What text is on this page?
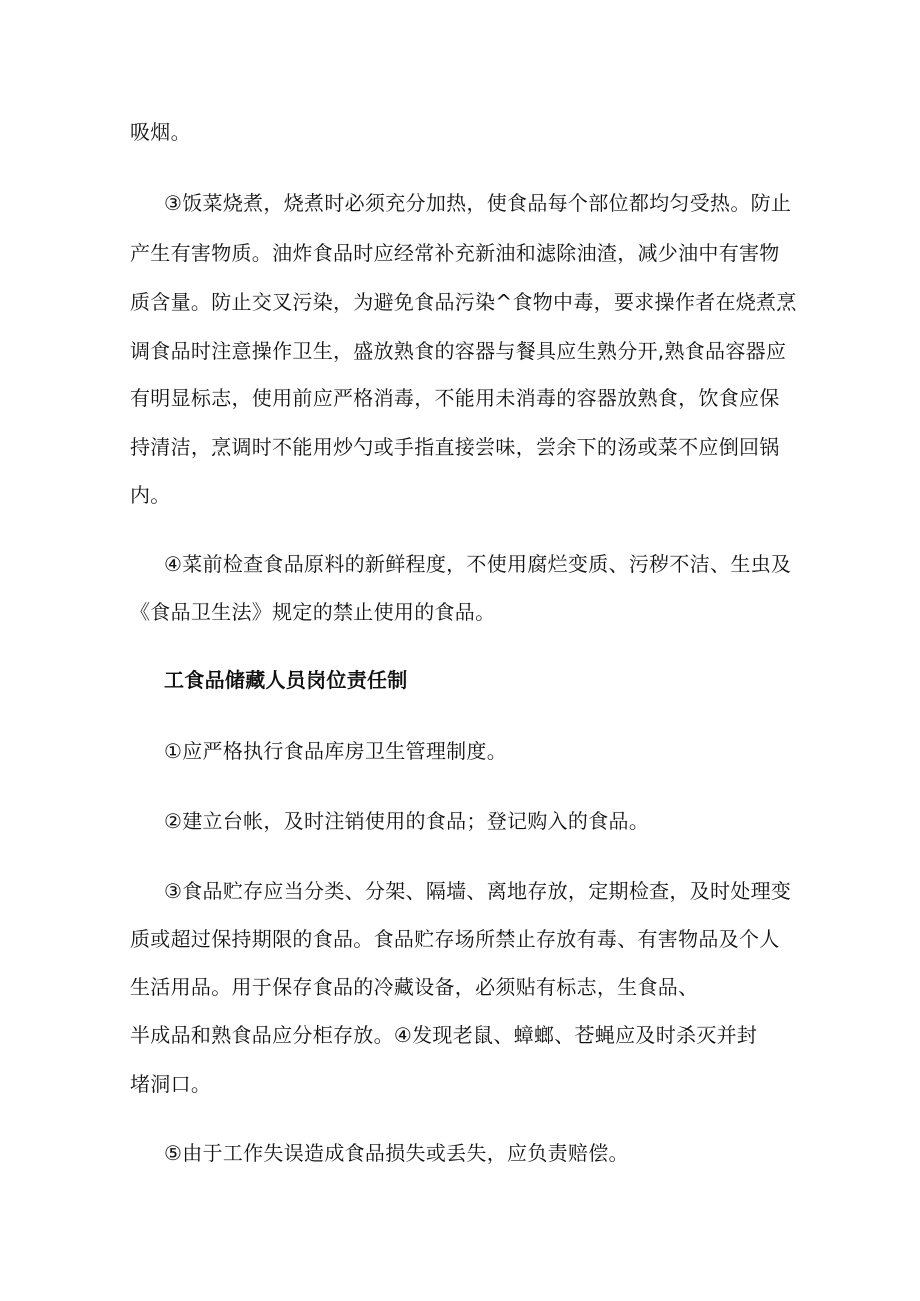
吸烟。
③饭菜烧煮，烧煮时必须充分加热，使食品每个部位都均匀受热。防止
产生有害物质。油炸食品时应经常补充新油和滤除油渣，减少油中有害物
质含量。防止交叉污染，为避免食品污染^食物中毒，要求操作者在烧煮烹
调食品时注意操作卫生，盛放熟食的容器与餐具应生熟分开,熟食品容器应
有明显标志，使用前应严格消毒，不能用未消毒的容器放熟食，饮食应保
持清洁，烹调时不能用炒勺或手指直接尝味，尝余下的汤或菜不应倒回锅
内。
④菜前检查食品原料的新鲜程度，不使用腐烂变质、污秽不洁、生虫及
《食品卫生法》规定的禁止使用的食品。
工食品储藏人员岗位责任制
①应严格执行食品库房卫生管理制度。
②建立台帐，及时注销使用的食品；登记购入的食品。
③食品贮存应当分类、分架、隔墙、离地存放，定期检查，及时处理变
质或超过保持期限的食品。食品贮存场所禁止存放有毒、有害物品及个人
生活用品。用于保存食品的冷藏设备，必须贴有标志，生食品、
半成品和熟食品应分柜存放。④发现老鼠、蟑螂、苍蝇应及时杀灭并封
堵洞口。
⑤由于工作失误造成食品损失或丢失，应负责赔偿。
